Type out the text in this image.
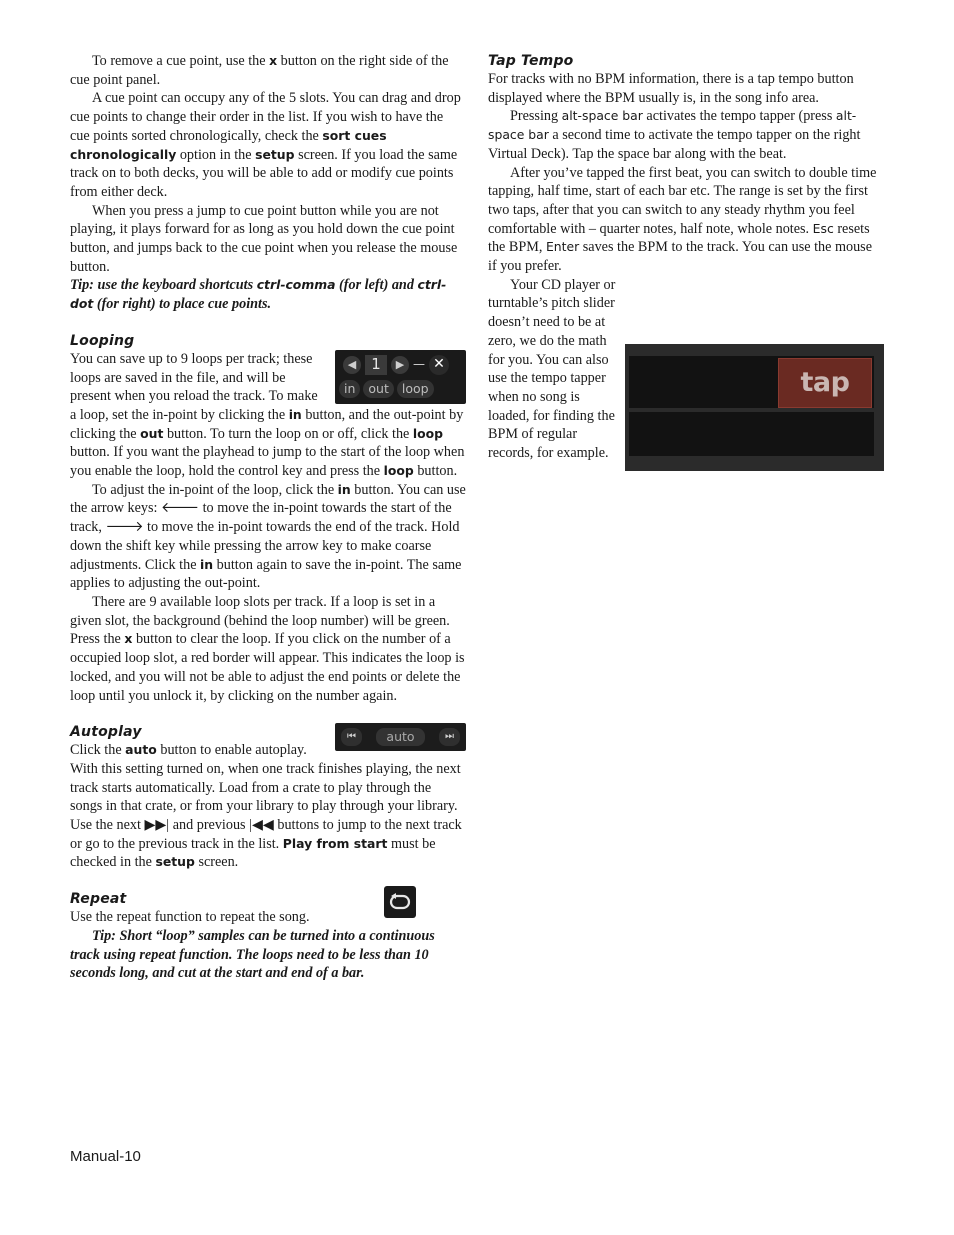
To remove a cue point, use the x button on the right side of the cue point panel.

A cue point can occupy any of the 5 slots. You can drag and drop cue points to change their order in the list. If you wish to have the cue points sorted chronologically, check the sort cues chronologically option in the setup screen. If you load the same track on to both decks, you will be able to add or modify cue points from either deck.

When you press a jump to cue point button while you are not playing, it plays forward for as long as you hold down the cue point button, and jumps back to the cue point when you release the mouse button.

Tip: use the keyboard shortcuts ctrl-comma (for left) and ctrl-dot (for right) to place cue points.

Looping
◀ 1	▶ — ✕
in	out	loop

You can save up to 9 loops per track; these loops are saved in the file, and will be present when you reload the track. To make a loop, set the in-point by clicking the in button, and the out-point by clicking the out button. To turn the loop on or off, click the loop button. If you want the playhead to jump to the start of the loop when you enable the loop, hold the control key and press the loop button.

To adjust the in-point of the loop, click the in button. You can use the arrow keys: 🡐 to move the in-point towards the start of the track, 🡒 to move the in-point towards the end of the track. Hold down the shift key while pressing the arrow key to make coarse adjustments. Click the in button again to save the in-point. The same applies to adjusting the out-point.

There are 9 available loop slots per track. If a loop is set in a given slot, the background (behind the loop number) will be green. Press the x button to clear the loop. If you click on the number of a occupied loop slot, a red border will appear. This indicates the loop is locked, and you will not be able to adjust the end points or delete the loop until you unlock it, by clicking on the number again.

Autoplay	⏮	auto	⏭

Click the auto button to enable autoplay. With this setting turned on, when one track finishes playing, the next track starts automatically. Load from a crate to play through the songs in that crate, or from your library to play through your library. Use the next ▶▶| and previous |◀◀ buttons to jump to the next track or go to the previous track in the list. Play from start must be checked in the setup screen.

Repeat

Use the repeat function to repeat the song.

Tip: Short “loop” samples can be turned into a continuous track using repeat function. The loops need to be less than 10 seconds long, and cut at the start and end of a bar.

Tap Tempo

For tracks with no BPM information, there is a tap tempo button displayed where the BPM usually is, in the song info area.

Pressing alt-space bar activates the tempo tapper (press alt-space bar a second time to activate the tempo tapper on the right Virtual Deck). Tap the space bar along with the beat.

After you’ve tapped the first beat, you can switch to double time tapping, half time, start of each bar etc. The range is set by the first two taps, after that you can switch to any steady rhythm you feel comfortable with – quarter notes, half note, whole notes. Esc resets the BPM, Enter saves the BPM to the track. You can use the mouse if you prefer.

Your CD player or turntable’s pitch slider doesn’t need to be at zero, we do the math for you. You can also use the tempo tapper when no song is loaded, for finding the BPM of regular records, for example.

tap
Manual-10
